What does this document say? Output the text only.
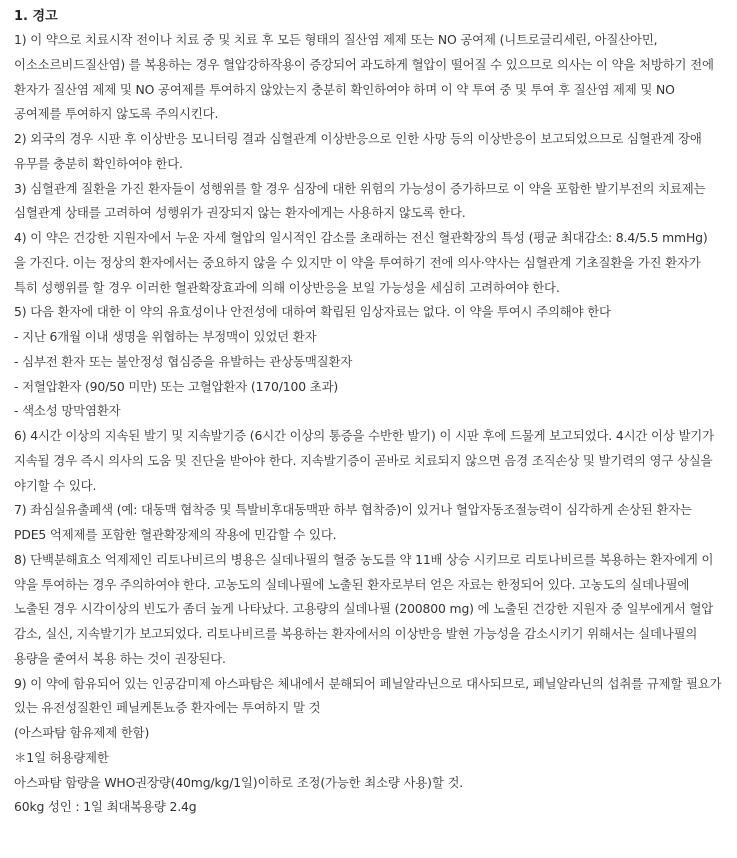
1. 경고

1) 이 약으로 치료시작 전이나 치료 중 및 치료 후 모든 형태의 질산염 제제 또는 NO 공여제 (니트로글리세린, 아질산아민, 이소소르비드질산염) 를 복용하는 경우 혈압강하작용이 증강되어 과도하게 혈압이 떨어질 수 있으므로 의사는 이 약을 처방하기 전에 환자가 질산염 제제 및 NO 공여제를 투여하지 않았는지 충분히 확인하여야 하며 이 약 투여 중 및 투여 후 질산염 제제 및 NO 공여제를 투여하지 않도록 주의시킨다.

2) 외국의 경우 시판 후 이상반응 모니터링 결과 심혈관계 이상반응으로 인한 사망 등의 이상반응이 보고되었으므로 심혈관계 장애 유무를 충분히 확인하여야 한다.

3) 심혈관계 질환을 가진 환자들이 성행위를 할 경우 심장에 대한 위험의 가능성이 증가하므로 이 약을 포함한 발기부전의 치료제는 심혈관계 상태를 고려하여 성행위가 권장되지 않는 환자에게는 사용하지 않도록 한다.

4) 이 약은 건강한 지원자에서 누운 자세 혈압의 일시적인 감소를 초래하는 전신 혈관확장의 특성 (평균 최대감소: 8.4/5.5 mmHg) 을 가진다. 이는 정상의 환자에서는 중요하지 않을 수 있지만 이 약을 투여하기 전에 의사·약사는 심혈관계 기초질환을 가진 환자가 특히 성행위를 할 경우 이러한 혈관확장효과에 의해 이상반응을 보일 가능성을 세심히 고려하여야 한다.

5) 다음 환자에 대한 이 약의 유효성이나 안전성에 대하여 확립된 임상자료는 없다. 이 약을 투여시 주의해야 한다

- 지난 6개월 이내 생명을 위협하는 부정맥이 있었던 환자

- 심부전 환자 또는 불안정성 협심증을 유발하는 관상동맥질환자

- 저혈압환자 (90/50 미만) 또는 고혈압환자 (170/100 초과)

- 색소성 망막염환자

6) 4시간 이상의 지속된 발기 및 지속발기증 (6시간 이상의 통증을 수반한 발기) 이 시판 후에 드물게 보고되었다. 4시간 이상 발기가 지속될 경우 즉시 의사의 도움 및 진단을 받아야 한다. 지속발기증이 곧바로 치료되지 않으면 음경 조직손상 및 발기력의 영구 상실을 야기할 수 있다.

7) 좌심실유출폐색 (예: 대동맥 협착증 및 특발비후대동맥판 하부 협착증)이 있거나 혈압자동조절능력이 심각하게 손상된 환자는 PDE5 억제제를 포함한 혈관확장제의 작용에 민감할 수 있다.

8) 단백분해효소 억제제인 리토나비르의 병용은 실데나필의 혈중 농도를 약 11배 상승 시키므로 리토나비르를 복용하는 환자에게 이 약을 투여하는 경우 주의하여야 한다. 고농도의 실데나필에 노출된 환자로부터 얻은 자료는 한정되어 있다. 고농도의 실데나필에 노출된 경우 시각이상의 빈도가 좀더 높게 나타났다. 고용량의 실데나필 (200800 mg) 에 노출된 건강한 지원자 중 일부에게서 혈압 감소, 실신, 지속발기가 보고되었다. 리토나비르를 복용하는 환자에서의 이상반응 발현 가능성을 감소시키기 위해서는 실데나필의 용량을 줄여서 복용 하는 것이 권장된다.

9) 이 약에 함유되어 있는 인공감미제 아스파탐은 체내에서 분해되어 페닐알라닌으로 대사되므로, 페닐알라닌의 섭취를 규제할 필요가 있는 유전성질환인 페닐케톤뇨증 환자에는 투여하지 말 것

(아스파탐 함유제제 한함)

＊1일 허용량제한

아스파탐 함량을 WHO권장량(40mg/kg/1일)이하로 조정(가능한 최소량 사용)할 것.

60kg 성인 : 1일 최대복용량 2.4g
